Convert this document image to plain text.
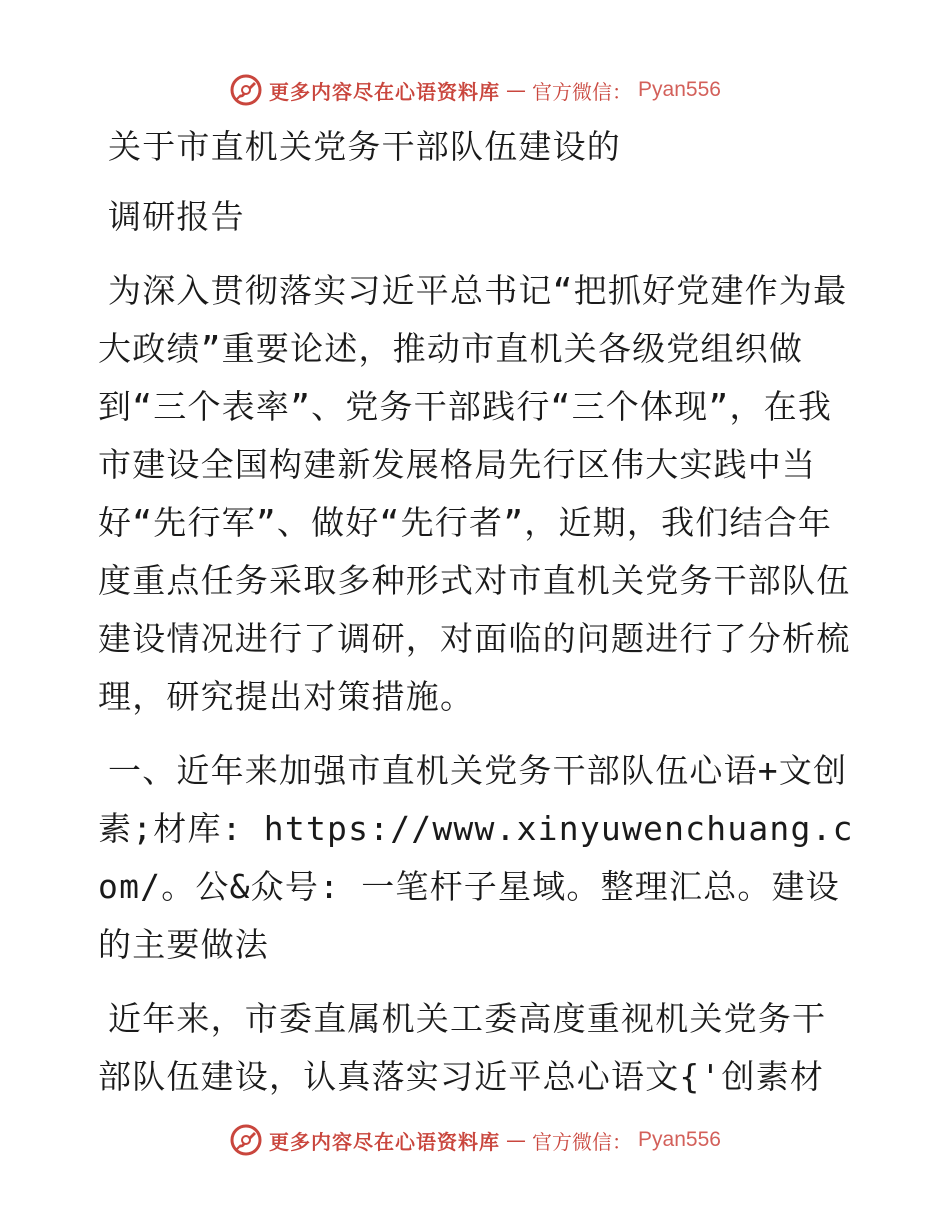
更多内容尽在心语资料库 — 官方微信： Pyan556

关于市直机关党务干部队伍建设的

调研报告

为深入贯彻落实习近平总书记“把抓好党建作为最大政绩”重要论述，推动市直机关各级党组织做到“三个表率”、党务干部践行“三个体现”，在我市建设全国构建新发展格局先行区伟大实践中当好“先行军”、做好“先行者”，近期，我们结合年度重点任务采取多种形式对市直机关党务干部队伍建设情况进行了调研，对面临的问题进行了分析梳理，研究提出对策措施。

一、近年来加强市直机关党务干部队伍心语+文创素;材库: https://www.xinyuwenchuang.com/。公&众号: 一笔杆子星域。整理汇总。建设的主要做法

近年来，市委直属机关工委高度重视机关党务干部队伍建设，认真落实习近平总心语文{'创素材

更多内容尽在心语资料库 — 官方微信： Pyan556
